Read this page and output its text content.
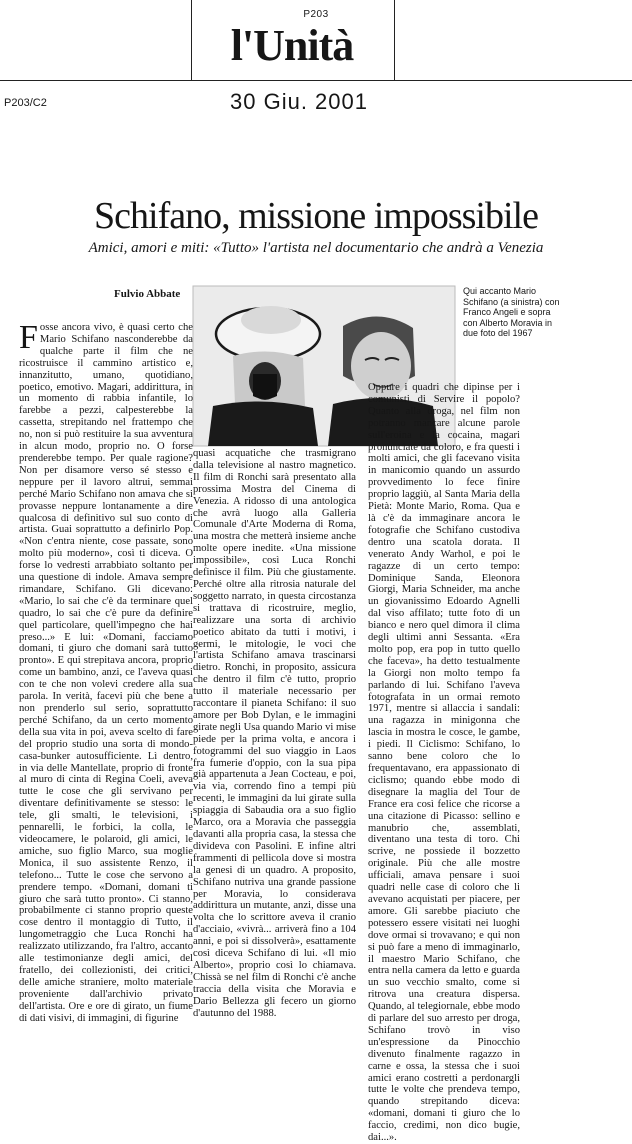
P203
l'Unità
P203/C2	30 Giu. 2001
Schifano, missione impossibile
Amici, amori e miti: «Tutto» l'artista nel documentario che andrà a Venezia
Fulvio Abbate
Fosse ancora vivo, è quasi certo che Mario Schifano nasconderebbe da qualche parte il film che ne ricostruisce il cammino artistico e, innanzitutto, umano, quotidiano, poetico, emotivo. Magari, addirittura, in un momento di rabbia infantile, lo farebbe a pezzi, calpesterebbe la cassetta, strepitando nel frattempo che no, non si può restituire la sua avventura in alcun modo, proprio no. O forse prenderebbe tempo. Per quale ragione? Non per disamore verso sé stesso e neppure per il lavoro altrui, semmai perché Mario Schifano non amava che si provasse neppure lontanamente a dire qualcosa di definitivo sul suo conto di artista. Guai soprattutto a definirlo Pop. «Non c'entra niente, cose passate, sono molto più moderno», così ti diceva. O forse lo vedresti arrabbiato soltanto per una questione di indole. Amava sempre rimandare, Schifano. Gli dicevano: «Mario, lo sai che c'è da terminare quel quadro, lo sai che c'è pure da definire quel particolare, quell'impegno che hai preso...» E lui: «Domani, facciamo domani, ti giuro che domani sarà tutto pronto». E qui strepitava ancora, proprio come un bambino, anzi, ce l'aveva quasi con te che non volevi credere alla sua parola. In verità, facevi più che bene a non prenderlo sul serio, soprattutto perché Schifano, da un certo momento della sua vita in poi, aveva scelto di fare del proprio studio una sorta di mondo-casa-bunker autosufficiente. Lì dentro, in via delle Mantellate, proprio di fronte al muro di cinta di Regina Coeli, aveva tutte le cose che gli servivano per diventare definitivamente se stesso: le tele, gli smalti, le televisioni, i pennarelli, le forbici, la colla, le videocamere, le polaroid, gli amici, le amiche, suo figlio Marco, sua moglie Monica, il suo assistente Renzo, il telefono... Tutte le cose che servono a prendere tempo. «Domani, domani ti giuro che sarà tutto pronto». Ci stanno, probabilmente ci stanno proprio queste cose dentro il montaggio di Tutto, il lungometraggio che Luca Ronchi ha realizzato utilizzando, fra l'altro, accanto alle testimonianze degli amici, del fratello, dei collezionisti, dei critici, delle amiche straniere, molto materiale proveniente dall'archivio privato dell'artista. Ore e ore di girato, un fiume di dati visivi, di immagini, di figurine
Qui accanto Mario Schifano (a sinistra) con Franco Angeli e sopra con Alberto Moravia in due foto del 1967

quasi acquatiche che trasmigrano dalla televisione al nastro magnetico. Il film di Ronchi sarà presentato alla prossima Mostra del Cinema di Venezia. A ridosso di una antologica che avrà luogo alla Galleria Comunale d'Arte Moderna di Roma, una mostra che metterà insieme anche molte opere inedite. «Una missione impossibile», così Luca Ronchi definisce il film. Più che giustamente. Perché oltre alla ritrosia naturale del soggetto narrato, in questa circostanza si trattava di ricostruire, meglio, realizzare una sorta di archivio poetico abitato da tutti i motivi, i germi, le mitologie, le voci che l'artista Schifano amava trascinarsi dietro. Ronchi, in proposito, assicura che dentro il film c'è tutto, proprio tutto il materiale necessario per raccontare il pianeta Schifano: il suo amore per Bob Dylan, e le immagini girate negli Usa quando Mario vi mise piede per la prima volta, e ancora i fotogrammi del suo viaggio in Laos fra fumerie d'oppio, con la sua pipa già appartenuta a Jean Cocteau, e poi, via via, correndo fino a tempi più recenti, le immagini da lui girate sulla spiaggia di Sabaudia ora a suo figlio Marco, ora a Moravia che passeggia davanti alla propria casa, la stessa che divideva con Pasolini. E infine altri frammenti di pellicola dove si mostra la genesi di un quadro. A proposito, Schifano nutriva una grande passione per Moravia, lo considerava addirittura un mutante, anzi, disse una volta che lo scrittore aveva il cranio d'acciaio, «vivrà... arriverà fino a 104 anni, e poi si dissolverà», esattamente così diceva Schifano di lui. «Il mio Alberto», proprio così lo chiamava. Chissà se nel film di Ronchi c'è anche traccia della visita che Moravia e Dario Bellezza gli fecero un giorno d'autunno del 1988.

Oppure i quadri che dipinse per i comunisti di Servire il popolo? Quanto alla droga, nel film non potranno mancare alcune parole sull'eroina e la cocaina, magari pronunciate da coloro, e fra questi i molti amici, che gli facevano visita in manicomio quando un assurdo provvedimento lo fece finire proprio laggiù, al Santa Maria della Pietà: Monte Mario, Roma. Qua e là c'è da immaginare ancora le fotografie che Schifano custodiva dentro una scatola dorata. Il venerato Andy Warhol, e poi le ragazze di un certo tempo: Dominique Sanda, Eleonora Giorgi, Maria Schneider, ma anche un giovanissimo Edoardo Agnelli dal viso affilato; tutte foto di un bianco e nero quel dimora il clima degli ultimi anni Sessanta. «Era molto pop, era pop in tutto quello che faceva», ha detto testualmente la Giorgi non molto tempo fa parlando di lui. Schifano l'aveva fotografata in un ormai remoto 1971, mentre si allaccia i sandali: una ragazza in minigonna che lascia in mostra le cosce, le gambe, i piedi. Il Ciclismo: Schifano, lo sanno bene coloro che lo frequentavano, era appassionato di ciclismo; quando ebbe modo di disegnare la maglia del Tour de France era così felice che ricorse a una citazione di Picasso: sellino e manubrio che, assemblati, diventano una testa di toro. Chi scrive, ne possiede il bozzetto originale. Più che alle mostre ufficiali, amava pensare i suoi quadri nelle case di coloro che li avevano acquistati per piacere, per amore. Gli sarebbe piaciuto che potessero essere visitati nei luoghi dove ormai si trovavano; e qui non si può fare a meno di immaginarlo, il maestro Mario Schifano, che entra nella camera da letto e guarda un suo vecchio smalto, come si ritrova una creatura dispersa. Quando, al telegiornale, ebbe modo di parlare del suo arresto per droga, Schifano trovò in viso un'espressione da Pinocchio divenuto finalmente ragazzo in carne e ossa, la stessa che i suoi amici erano costretti a perdonargli tutte le volte che prendeva tempo, quando strepitando diceva: «domani, domani ti giuro che lo faccio, credimi, non dico bugie, dai...».
